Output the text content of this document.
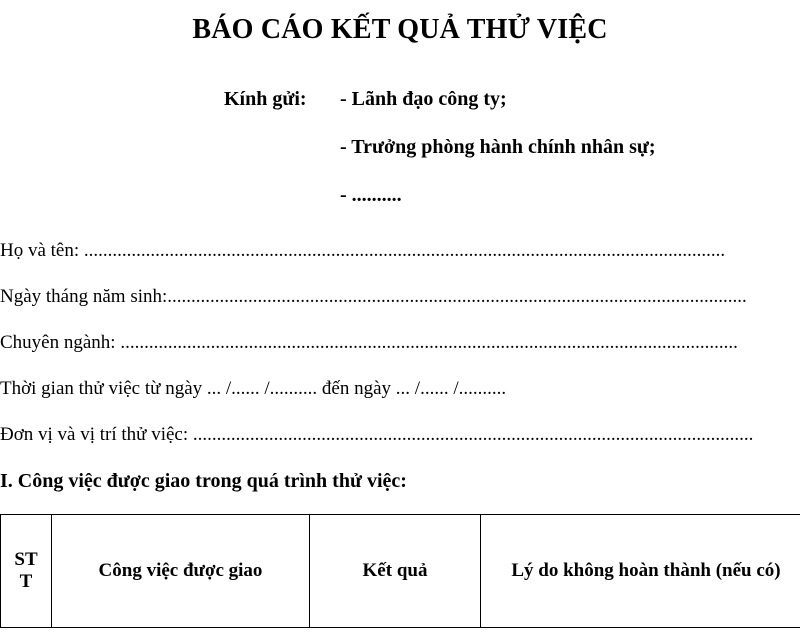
BÁO CÁO KẾT QUẢ THỬ VIỆC
Kính gửi: - Lãnh đạo công ty;
- Trưởng phòng hành chính nhân sự;
- ..........
Họ và tên: .......................................................................................................................................
Ngày tháng năm sinh:..........................................................................................................................
Chuyên ngành: ..................................................................................................................................
Thời gian thử việc từ ngày ... /...... /.......... đến ngày ... /...... /..........
Đơn vị và vị trí thử việc: ......................................................................................................................
I. Công việc được giao trong quá trình thử việc:
ST T	Công việc được giao	Kết quả	Lý do không hoàn thành (nếu có)
